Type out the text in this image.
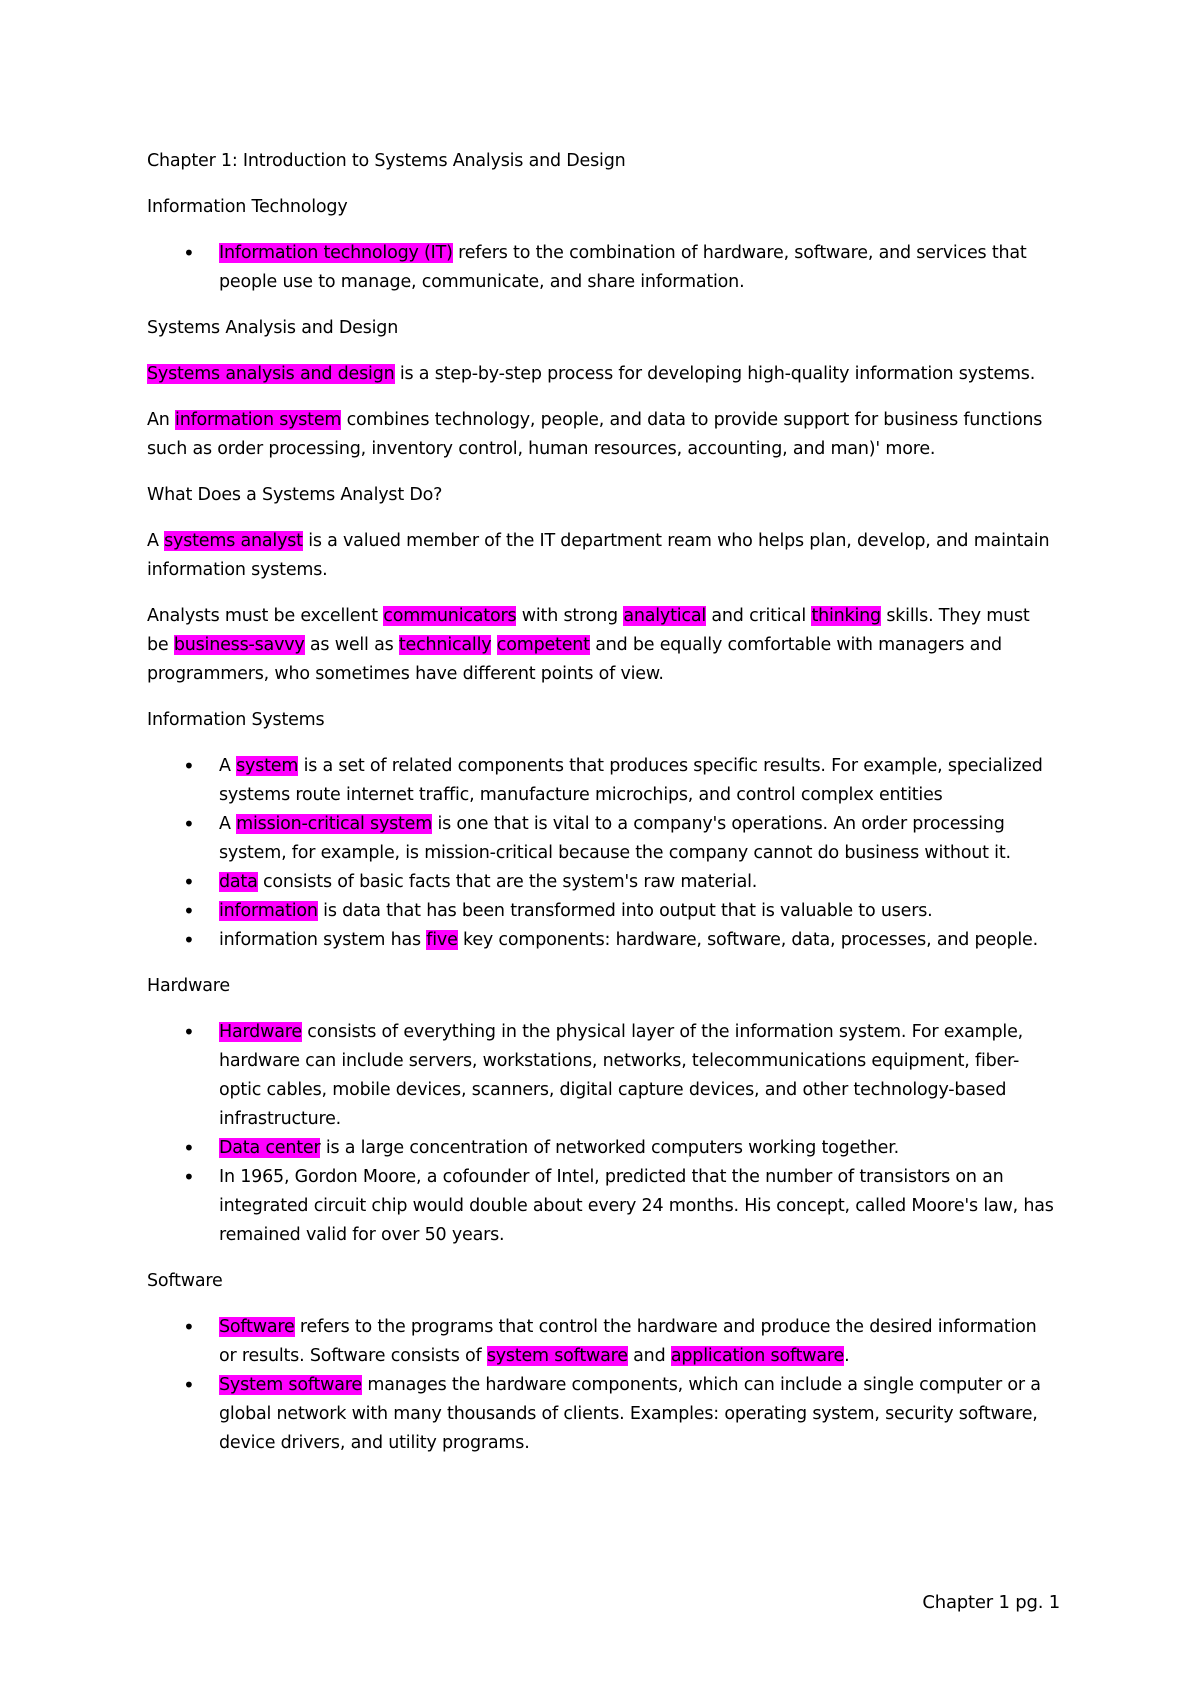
Chapter 1: Introduction to Systems Analysis and Design

Information Technology

• Information technology (IT) refers to the combination of hardware, software, and services that people use to manage, communicate, and share information.

Systems Analysis and Design

Systems analysis and design is a step-by-step process for developing high-quality information systems.

An information system combines technology, people, and data to provide support for business functions such as order processing, inventory control, human resources, accounting, and man)' more.

What Does a Systems Analyst Do?

A systems analyst is a valued member of the IT department ream who helps plan, develop, and maintain information systems.

Analysts must be excellent communicators with strong analytical and critical thinking skills. They must be business-savvy as well as technically competent and be equally comfortable with managers and programmers, who sometimes have different points of view.

Information Systems

• A system is a set of related components that produces specific results. For example, specialized systems route internet traffic, manufacture microchips, and control complex entities
• A mission-critical system is one that is vital to a company's operations. An order processing system, for example, is mission-critical because the company cannot do business without it.
• data consists of basic facts that are the system's raw material.
• information is data that has been transformed into output that is valuable to users.
• information system has five key components: hardware, software, data, processes, and people.

Hardware

• Hardware consists of everything in the physical layer of the information system. For example, hardware can include servers, workstations, networks, telecommunications equipment, fiber-optic cables, mobile devices, scanners, digital capture devices, and other technology-based infrastructure.
• Data center is a large concentration of networked computers working together.
• In 1965, Gordon Moore, a cofounder of Intel, predicted that the number of transistors on an integrated circuit chip would double about every 24 months. His concept, called Moore's law, has remained valid for over 50 years.

Software

• Software refers to the programs that control the hardware and produce the desired information or results. Software consists of system software and application software.
• System software manages the hardware components, which can include a single computer or a global network with many thousands of clients. Examples: operating system, security software, device drivers, and utility programs.
Chapter 1 pg. 1
